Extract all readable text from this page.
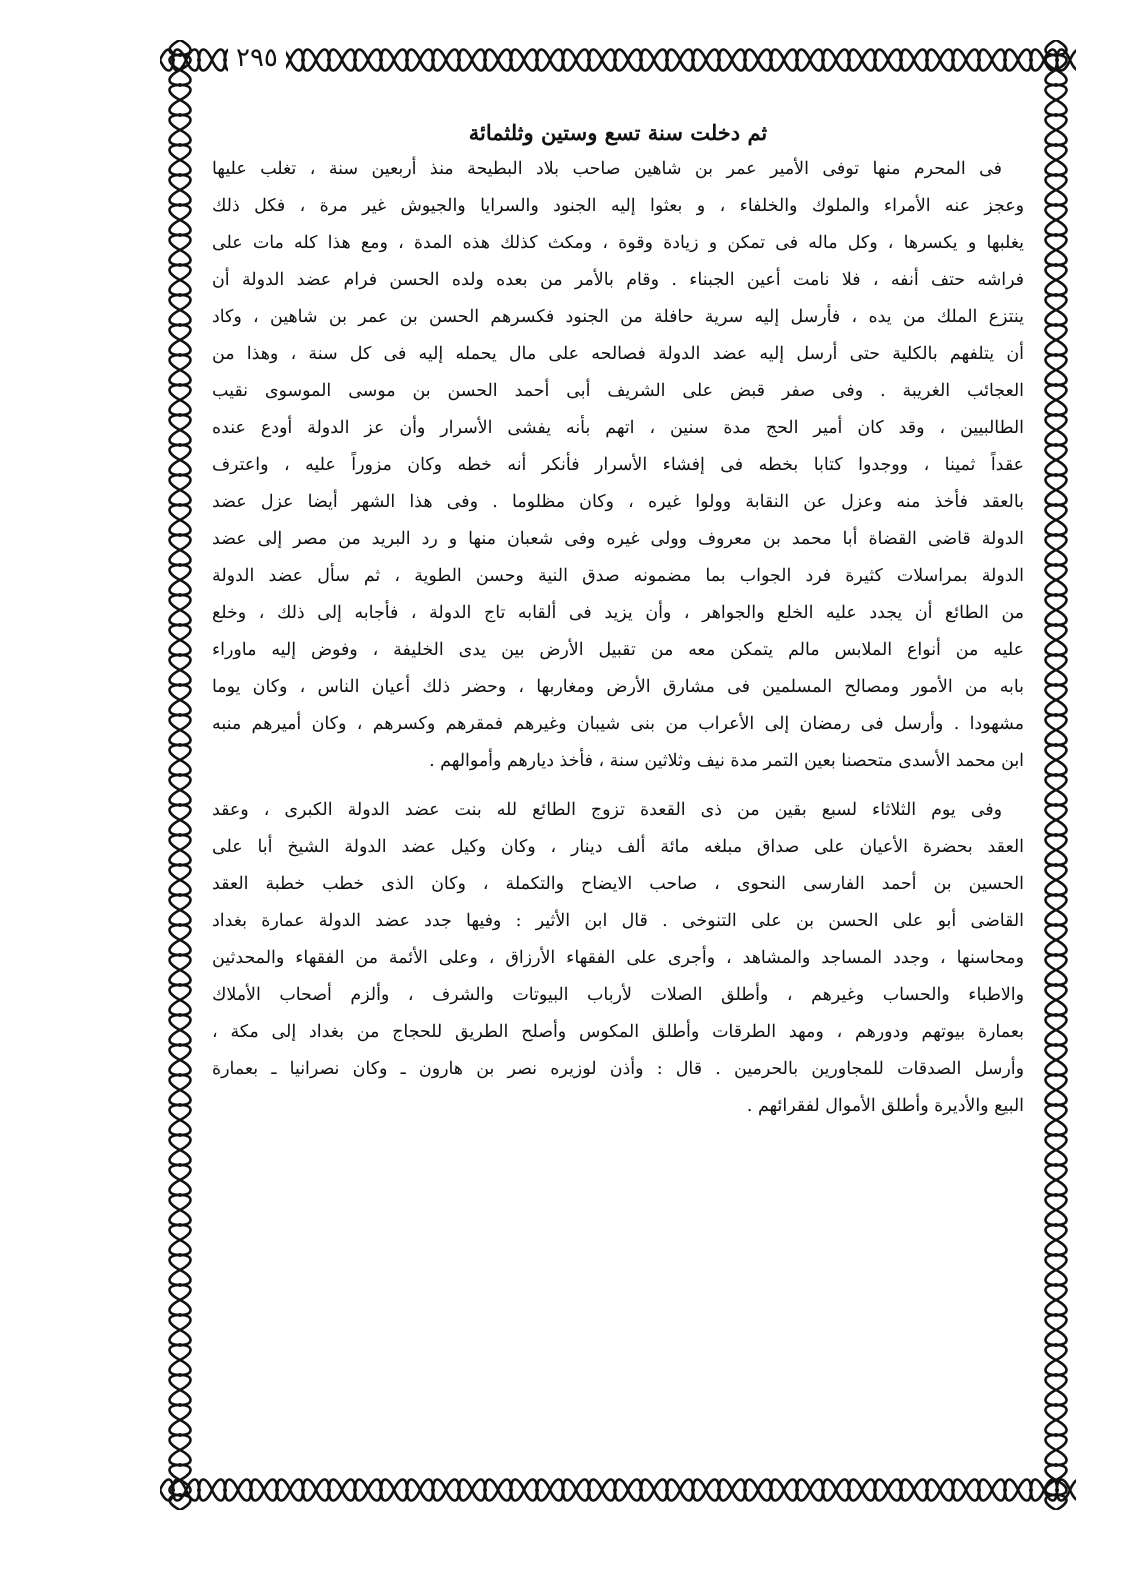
٢٩٥
ثم دخلت سنة تسع وستين وثلثمائة
فى المحرم منها توفى الأمير عمر بن شاهين صاحب بلاد البطيحة منذ أربعين سنة ، تغلب عليها
وعجز عنه الأمراء والملوك والخلفاء ، و بعثوا إليه الجنود والسرايا والجيوش غير مرة ، فكل ذلك
يغلبها و يكسرها ، وكل ماله فى تمكن و زيادة وقوة ، ومكث كذلك هذه المدة ، ومع هذا كله مات على
فراشه حتف أنفه ، فلا نامت أعين الجبناء . وقام بالأمر من بعده ولده الحسن فرام عضد الدولة أن
ينتزع الملك من يده ، فأرسل إليه سرية حافلة من الجنود فكسرهم الحسن بن عمر بن شاهين ، وكاد
أن يتلفهم بالكلية حتى أرسل إليه عضد الدولة فصالحه على مال يحمله إليه فى كل سنة ، وهذا من
العجائب الغريبة . وفى صفر قبض على الشريف أبى أحمد الحسن بن موسى الموسوى نقيب
الطالبيين ، وقد كان أمير الحج مدة سنين ، اتهم بأنه يفشى الأسرار وأن عز الدولة أودع عنده
عقداً ثمينا ، ووجدوا كتابا بخطه فى إفشاء الأسرار فأنكر أنه خطه وكان مزوراً عليه ، واعترف
بالعقد فأخذ منه وعزل عن النقابة وولوا غيره ، وكان مظلوما . وفى هذا الشهر أيضا عزل عضد
الدولة قاضى القضاة أبا محمد بن معروف وولى غيره وفى شعبان منها و رد البريد من مصر إلى عضد
الدولة بمراسلات كثيرة فرد الجواب بما مضمونه صدق النية وحسن الطوية ، ثم سأل عضد الدولة
من الطائع أن يجدد عليه الخلع والجواهر ، وأن يزيد فى ألقابه تاج الدولة ، فأجابه إلى ذلك ، وخلع
عليه من أنواع الملابس مالم يتمكن معه من تقبيل الأرض بين يدى الخليفة ، وفوض إليه ماوراء
بابه من الأمور ومصالح المسلمين فى مشارق الأرض ومغاربها ، وحضر ذلك أعيان الناس ، وكان يوما
مشهودا . وأرسل فى رمضان إلى الأعراب من بنى شيبان وغيرهم فمقرهم وكسرهم ، وكان أميرهم منبه
ابن محمد الأسدى متحصنا بعين التمر مدة نيف وثلاثين سنة ، فأخذ ديارهم وأموالهم .
وفى يوم الثلاثاء لسبع بقين من ذى القعدة تزوج الطائع لله بنت عضد الدولة الكبرى ، وعقد
العقد بحضرة الأعيان على صداق مبلغه مائة ألف دينار ، وكان وكيل عضد الدولة الشيخ أبا على
الحسين بن أحمد الفارسى النحوى ، صاحب الايضاح والتكملة ، وكان الذى خطب خطبة العقد
القاضى أبو على الحسن بن على التنوخى . قال ابن الأثير : وفيها جدد عضد الدولة عمارة بغداد
ومحاسنها ، وجدد المساجد والمشاهد ، وأجرى على الفقهاء الأرزاق ، وعلى الأئمة من الفقهاء والمحدثين
والاطباء والحساب وغيرهم ، وأطلق الصلات لأرباب البيوتات والشرف ، وألزم أصحاب الأملاك
بعمارة بيوتهم ودورهم ، ومهد الطرقات وأطلق المكوس وأصلح الطريق للحجاج من بغداد إلى مكة ،
وأرسل الصدقات للمجاورين بالحرمين . قال : وأذن لوزيره نصر بن هارون ـ وكان نصرانيا ـ بعمارة
البيع والأديرة وأطلق الأموال لفقرائهم .
